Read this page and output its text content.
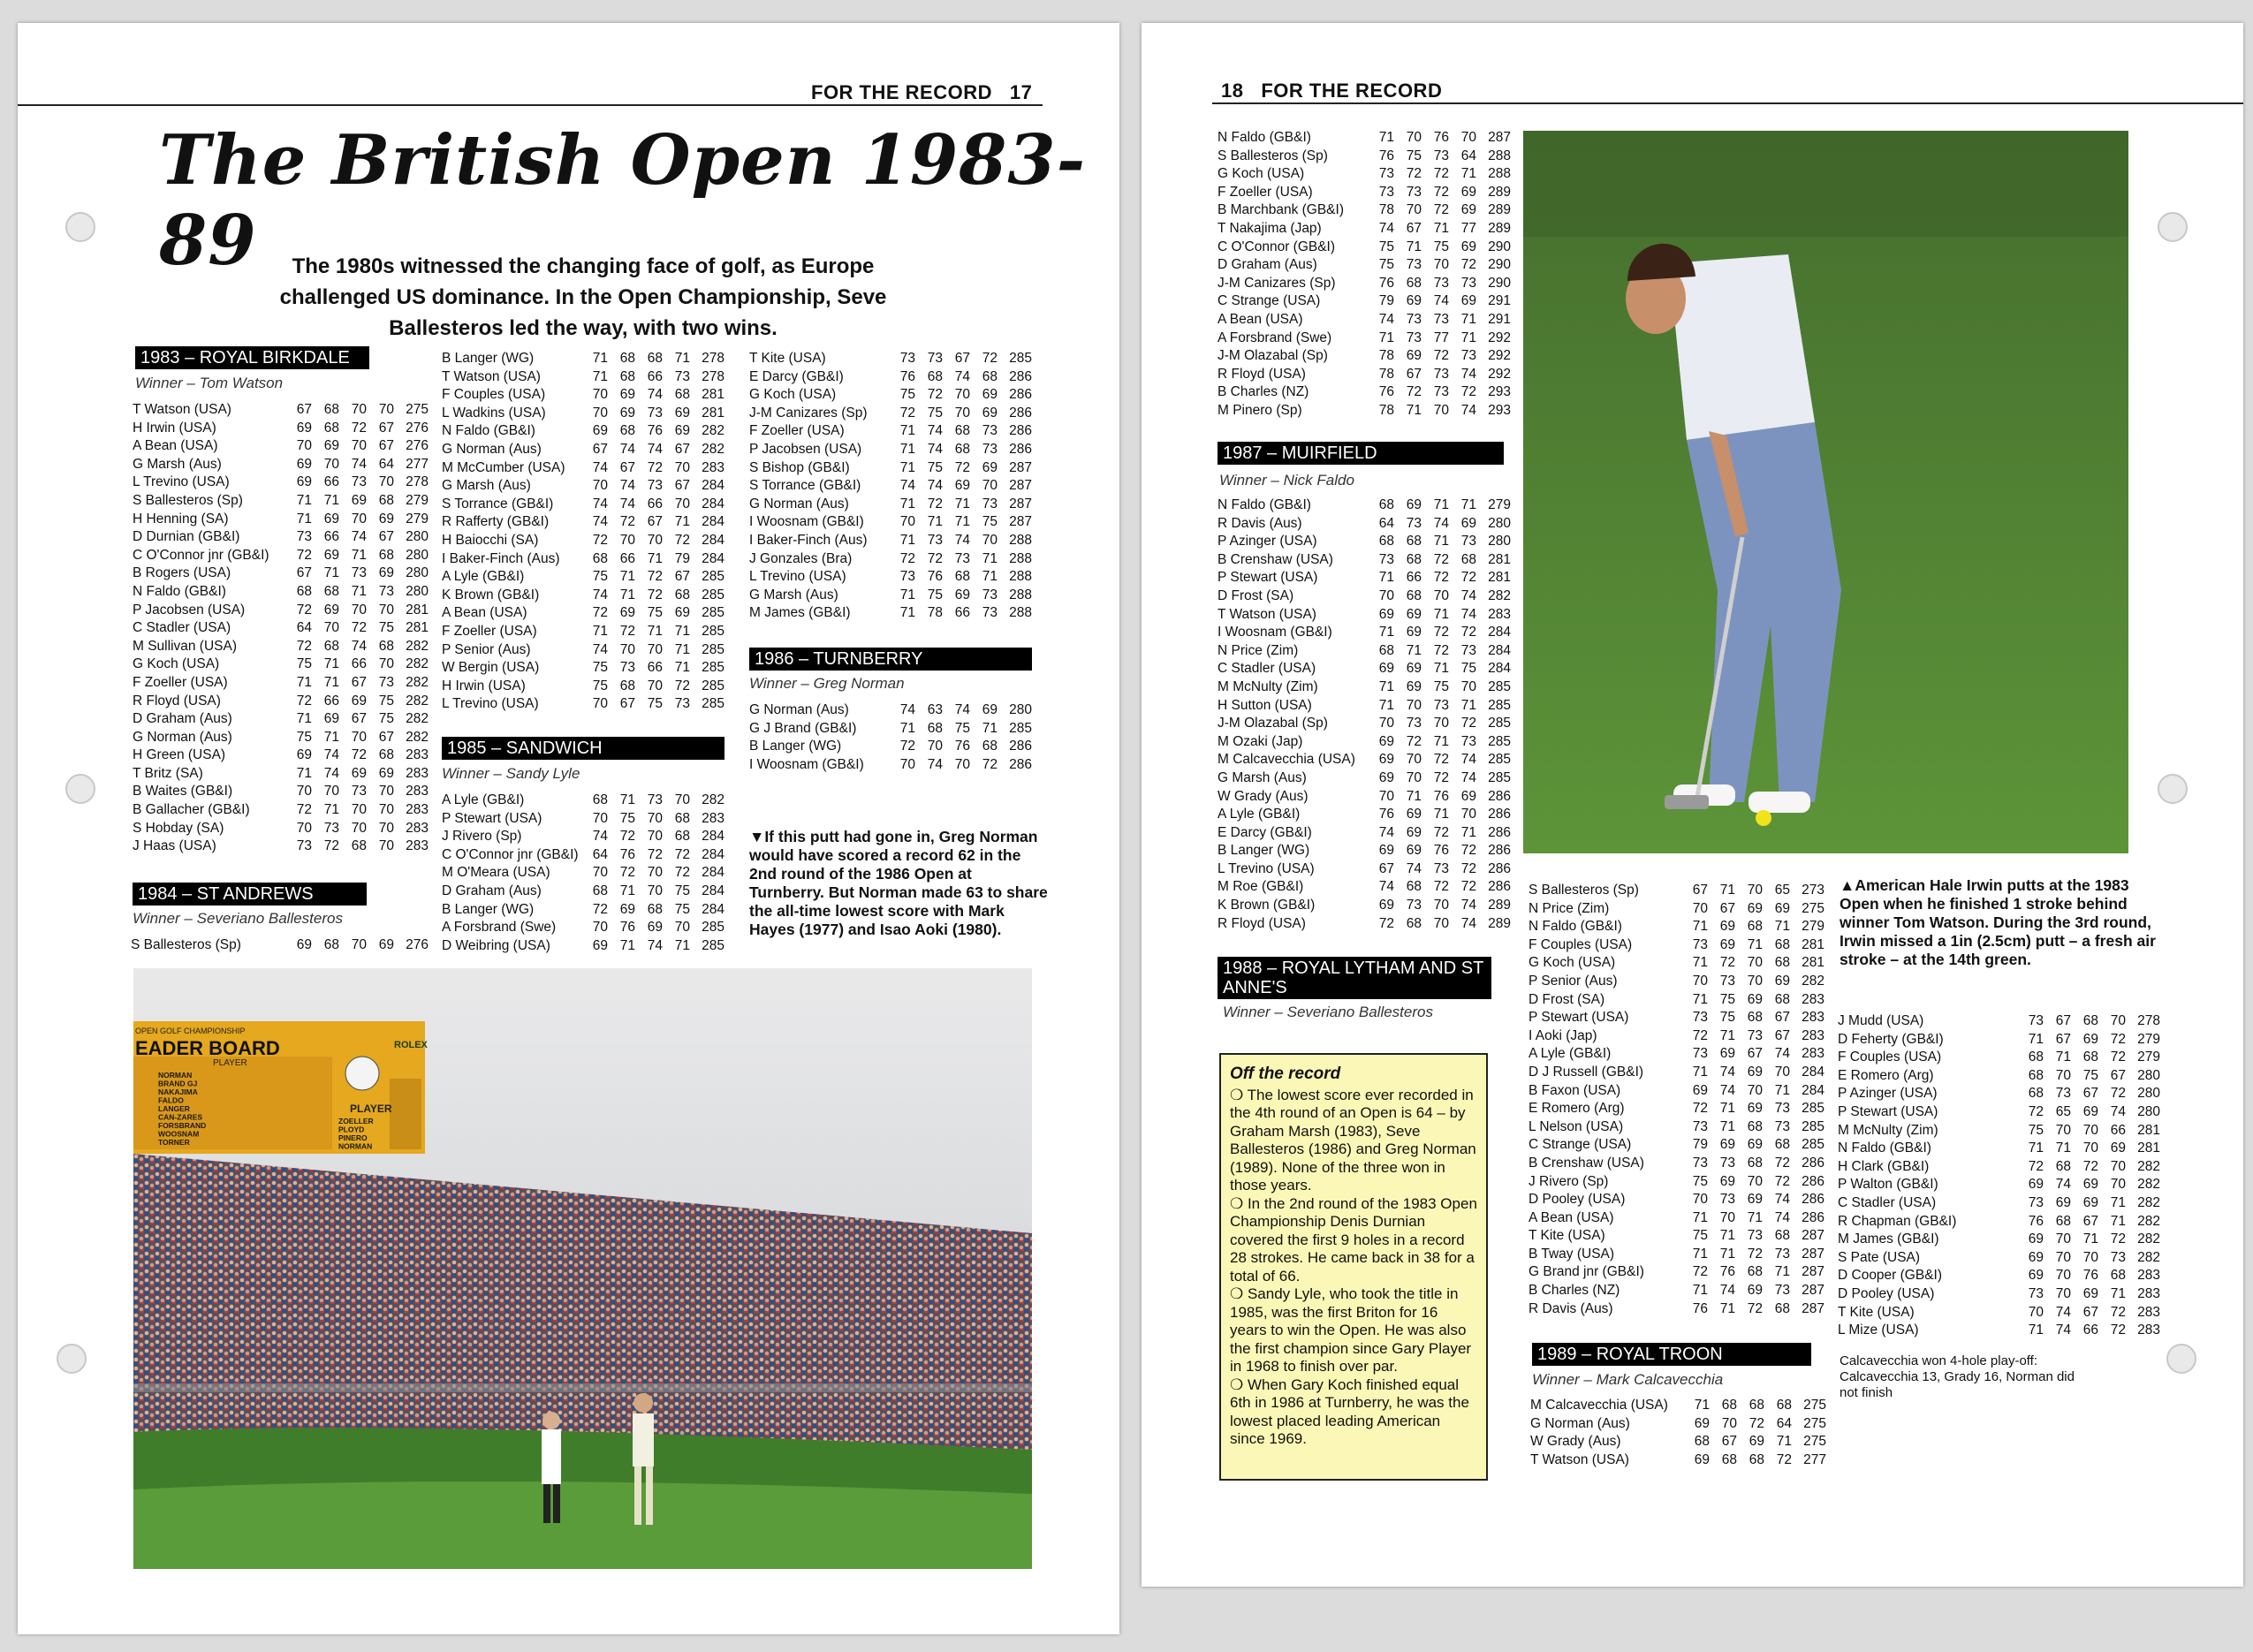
FOR THE RECORD 17
The British Open 1983-89	The 1980s witnessed the changing face of golf, as Europe challenged US dominance. In the Open Championship, Seve Ballesteros led the way, with two wins.
1983 – ROYAL BIRKDALE
Winner – Tom Watson
T Watson (USA)	67 68 70 70 275
H Irwin (USA)	69 68 72 67 276
A Bean (USA)	70 69 70 67 276
G Marsh (Aus)	69 70 74 64 277
L Trevino (USA)	69 66 73 70 278
S Ballesteros (Sp)	71 71 69 68 279
H Henning (SA)	71 69 70 69 279
D Durnian (GB&I)	73 66 74 67 280
C O'Connor jnr (GB&I)	72 69 71 68 280
B Rogers (USA)	67 71 73 69 280
N Faldo (GB&I)	68 68 71 73 280
P Jacobsen (USA)	72 69 70 70 281
C Stadler (USA)	64 70 72 75 281
M Sullivan (USA)	72 68 74 68 282
G Koch (USA)	75 71 66 70 282
F Zoeller (USA)	71 71 67 73 282
R Floyd (USA)	72 66 69 75 282
D Graham (Aus)	71 69 67 75 282
G Norman (Aus)	75 71 70 67 282
H Green (USA)	69 74 72 68 283
T Britz (SA)	71 74 69 69 283
B Waites (GB&I)	70 70 73 70 283
B Gallacher (GB&I)	72 71 70 70 283
S Hobday (SA)	70 73 70 70 283
J Haas (USA)	73 72 68 70 283
1984 – ST ANDREWS
Winner – Severiano Ballesteros
S Ballesteros (Sp)	69 68 70 69 276
B Langer (WG)	71 68 68 71 278
T Watson (USA)	71 68 66 73 278
F Couples (USA)	70 69 74 68 281
L Wadkins (USA)	70 69 73 69 281
N Faldo (GB&I)	69 68 76 69 282
G Norman (Aus)	67 74 74 67 282
M McCumber (USA)	74 67 72 70 283
G Marsh (Aus)	70 74 73 67 284
S Torrance (GB&I)	74 74 66 70 284
R Rafferty (GB&I)	74 72 67 71 284
H Baiocchi (SA)	72 70 70 72 284
I Baker-Finch (Aus)	68 66 71 79 284
A Lyle (GB&I)	75 71 72 67 285
K Brown (GB&I)	74 71 72 68 285
A Bean (USA)	72 69 75 69 285
F Zoeller (USA)	71 72 71 71 285
P Senior (Aus)	74 70 70 71 285
W Bergin (USA)	75 73 66 71 285
H Irwin (USA)	75 68 70 72 285
L Trevino (USA)	70 67 75 73 285
1985 – SANDWICH
Winner – Sandy Lyle
A Lyle (GB&I)	68 71 73 70 282
P Stewart (USA)	70 75 70 68 283
J Rivero (Sp)	74 72 70 68 284
C O'Connor jnr (GB&I)	64 76 72 72 284
M O'Meara (USA)	70 72 70 72 284
D Graham (Aus)	68 71 70 75 284
B Langer (WG)	72 69 68 75 284
A Forsbrand (Swe)	70 76 69 70 285
D Weibring (USA)	69 71 74 71 285
T Kite (USA)	73 73 67 72 285
E Darcy (GB&I)	76 68 74 68 286
G Koch (USA)	75 72 70 69 286
J-M Canizares (Sp)	72 75 70 69 286
F Zoeller (USA)	71 74 68 73 286
P Jacobsen (USA)	71 74 68 73 286
S Bishop (GB&I)	71 75 72 69 287
S Torrance (GB&I)	74 74 69 70 287
G Norman (Aus)	71 72 71 73 287
I Woosnam (GB&I)	70 71 71 75 287
I Baker-Finch (Aus)	71 73 74 70 288
J Gonzales (Bra)	72 72 73 71 288
L Trevino (USA)	73 76 68 71 288
G Marsh (Aus)	71 75 69 73 288
M James (GB&I)	71 78 66 73 288
1986 – TURNBERRY
Winner – Greg Norman
G Norman (Aus)	74 63 74 69 280
G J Brand (GB&I)	71 68 75 71 285
B Langer (WG)	72 70 76 68 286
I Woosnam (GB&I)	70 74 70 72 286
▼If this putt had gone in, Greg Norman would have scored a record 62 in the 2nd round of the 1986 Open at Turnberry. But Norman made 63 to share the all-time lowest score with Mark Hayes (1977) and Isao Aoki (1980).
OPEN GOLF CHAMPIONSHIP
EADER BOARD	ROLEX
PLAYER
PLAYER
NORMAN
BRAND GJ
NAKAJIMA
FALDO
LANGER
CAN-ZARES
FORSBRAND
WOOSNAM
TORNER
ZOELLER
PLOYD
PINERO
NORMAN
18 FOR THE RECORD
N Faldo (GB&I)	71 70 76 70 287
S Ballesteros (Sp)	76 75 73 64 288
G Koch (USA)	73 72 72 71 288
F Zoeller (USA)	73 73 72 69 289
B Marchbank (GB&I)	78 70 72 69 289
T Nakajima (Jap)	74 67 71 77 289
C O'Connor (GB&I)	75 71 75 69 290
D Graham (Aus)	75 73 70 72 290
J-M Canizares (Sp)	76 68 73 73 290
C Strange (USA)	79 69 74 69 291
A Bean (USA)	74 73 73 71 291
A Forsbrand (Swe)	71 73 77 71 292
J-M Olazabal (Sp)	78 69 72 73 292
R Floyd (USA)	78 67 73 74 292
B Charles (NZ)	76 72 73 72 293
M Pinero (Sp)	78 71 70 74 293
1987 – MUIRFIELD
Winner – Nick Faldo
N Faldo (GB&I)	68 69 71 71 279
R Davis (Aus)	64 73 74 69 280
P Azinger (USA)	68 68 71 73 280
B Crenshaw (USA)	73 68 72 68 281
P Stewart (USA)	71 66 72 72 281
D Frost (SA)	70 68 70 74 282
T Watson (USA)	69 69 71 74 283
I Woosnam (GB&I)	71 69 72 72 284
N Price (Zim)	68 71 72 73 284
C Stadler (USA)	69 69 71 75 284
M McNulty (Zim)	71 69 75 70 285
H Sutton (USA)	71 70 73 71 285
J-M Olazabal (Sp)	70 73 70 72 285
M Ozaki (Jap)	69 72 71 73 285
M Calcavecchia (USA)	69 70 72 74 285
G Marsh (Aus)	69 70 72 74 285
W Grady (Aus)	70 71 76 69 286
A Lyle (GB&I)	76 69 71 70 286
E Darcy (GB&I)	74 69 72 71 286
B Langer (WG)	69 69 76 72 286
L Trevino (USA)	67 74 73 72 286
M Roe (GB&I)	74 68 72 72 286
K Brown (GB&I)	69 73 70 74 289
R Floyd (USA)	72 68 70 74 289
1988 – ROYAL LYTHAM AND ST ANNE'S
Winner – Severiano Ballesteros
Off the record

❍ The lowest score ever recorded in the 4th round of an Open is 64 – by Graham Marsh (1983), Seve Ballesteros (1986) and Greg Norman (1989). None of the three won in those years.

❍ In the 2nd round of the 1983 Open Championship Denis Durnian covered the first 9 holes in a record 28 strokes. He came back in 38 for a total of 66.

❍ Sandy Lyle, who took the title in 1985, was the first Briton for 16 years to win the Open. He was also the first champion since Gary Player in 1968 to finish over par.

❍ When Gary Koch finished equal 6th in 1986 at Turnberry, he was the lowest placed leading American since 1969.

S Ballesteros (Sp)	67 71 70 65 273
N Price (Zim)	70 67 69 69 275
N Faldo (GB&I)	71 69 68 71 279
F Couples (USA)	73 69 71 68 281
G Koch (USA)	71 72 70 68 281
P Senior (Aus)	70 73 70 69 282
D Frost (SA)	71 75 69 68 283
P Stewart (USA)	73 75 68 67 283
I Aoki (Jap)	72 71 73 67 283
A Lyle (GB&I)	73 69 67 74 283
D J Russell (GB&I)	71 74 69 70 284
B Faxon (USA)	69 74 70 71 284
E Romero (Arg)	72 71 69 73 285
L Nelson (USA)	73 71 68 73 285
C Strange (USA)	79 69 69 68 285
B Crenshaw (USA)	73 73 68 72 286
J Rivero (Sp)	75 69 70 72 286
D Pooley (USA)	70 73 69 74 286
A Bean (USA)	71 70 71 74 286
T Kite (USA)	75 71 73 68 287
B Tway (USA)	71 71 72 73 287
G Brand jnr (GB&I)	72 76 68 71 287
B Charles (NZ)	71 74 69 73 287
R Davis (Aus)	76 71 72 68 287
1989 – ROYAL TROON
Winner – Mark Calcavecchia
M Calcavecchia (USA)	71 68 68 68 275
G Norman (Aus)	69 70 72 64 275
W Grady (Aus)	68 67 69 71 275
T Watson (USA)	69 68 68 72 277
▲American Hale Irwin putts at the 1983 Open when he finished 1 stroke behind winner Tom Watson. During the 3rd round, Irwin missed a 1in (2.5cm) putt – a fresh air stroke – at the 14th green.
J Mudd (USA)	73 67 68 70 278
D Feherty (GB&I)	71 67 69 72 279
F Couples (USA)	68 71 68 72 279
E Romero (Arg)	68 70 75 67 280
P Azinger (USA)	68 73 67 72 280
P Stewart (USA)	72 65 69 74 280
M McNulty (Zim)	75 70 70 66 281
N Faldo (GB&I)	71 71 70 69 281
H Clark (GB&I)	72 68 72 70 282
P Walton (GB&I)	69 74 69 70 282
C Stadler (USA)	73 69 69 71 282
R Chapman (GB&I)	76 68 67 71 282
M James (GB&I)	69 70 71 72 282
S Pate (USA)	69 70 70 73 282
D Cooper (GB&I)	69 70 76 68 283
D Pooley (USA)	73 70 69 71 283
T Kite (USA)	70 74 67 72 283
L Mize (USA)	71 74 66 72 283
Calcavecchia won 4-hole play-off: Calcavecchia 13, Grady 16, Norman did not finish
